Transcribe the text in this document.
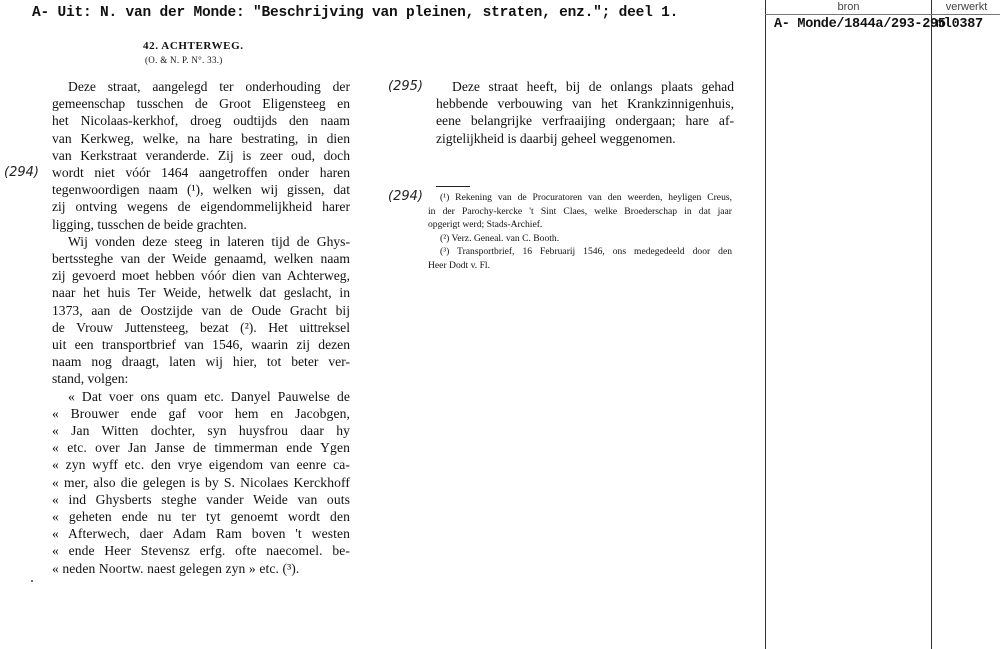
A- Uit: N. van der Monde: "Beschrijving van pleinen, straten, enz."; deel 1.
42. ACHTERWEG.
(O. & N. P. N°. 33.)
(294)
(295)
(294)
Deze straat, aangelegd ter onderhouding der
gemeenschap tusschen de Groot Eligensteeg en
het Nicolaas-kerkhof, droeg oudtijds den naam
van Kerkweg, welke, na hare bestrating, in dien
van Kerkstraat veranderde. Zij is zeer oud, doch
wordt niet vóór 1464 aangetroffen onder haren
tegenwoordigen naam (¹), welken wij gissen, dat
zij ontving wegens de eigendommelijkheid harer
ligging, tusschen de beide grachten.
Wij vonden deze steeg in lateren tijd de Ghys-
bertssteghe van der Weide genaamd, welken naam
zij gevoerd moet hebben vóór dien van Achterweg,
naar het huis Ter Weide, hetwelk dat geslacht, in
1373, aan de Oostzijde van de Oude Gracht bij
de Vrouw Juttensteeg, bezat (²). Het uittreksel
uit een transportbrief van 1546, waarin zij dezen
naam nog draagt, laten wij hier, tot beter ver-
stand, volgen:
« Dat voer ons quam etc. Danyel Pauwelse de
« Brouwer ende gaf voor hem en Jacobgen,
« Jan Witten dochter, syn huysfrou daar hy
« etc. over Jan Janse de timmerman ende Ygen
« zyn wyff etc. den vrye eigendom van eenre ca-
« mer, also die gelegen is by S. Nicolaes Kerckhoff
« ind Ghysberts steghe vander Weide van outs
« geheten ende nu ter tyt genoemt wordt den
« Afterwech, daer Adam Ram boven 't westen
« ende Heer Stevensz erfg. ofte naecomel. be-
« neden Noortw. naest gelegen zyn » etc. (³).
Deze straat heeft, bij de onlangs plaats gehad
hebbende verbouwing van het Krankzinnigenhuis,
eene belangrijke verfraaijing ondergaan; hare af-
zigtelijkheid is daarbij geheel weggenomen.
(¹) Rekening van de Procuratoren van den weerden, heyligen Creus,
in der Parochy-kercke 't Sint Claes, welke Broederschap in dat jaar
opgerigt werd; Stads-Archief.
(²) Verz. Geneal. van C. Booth.
(³) Transportbrief, 16 Februarij 1546, ons medegedeeld door den
Heer Dodt v. Fl.
bron	verwerkt
A- Monde/1844a/293-295
ml0387
